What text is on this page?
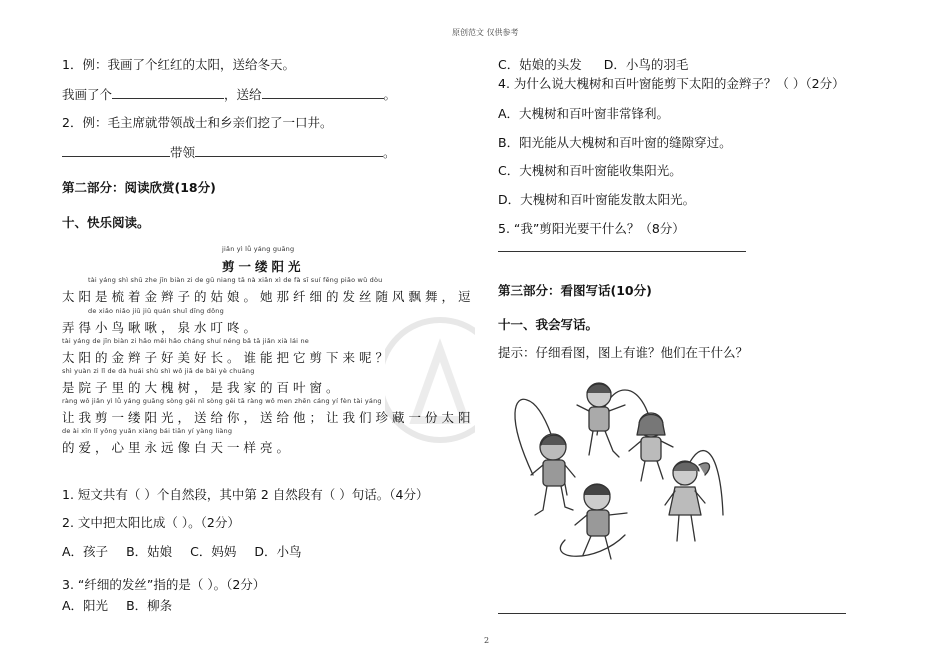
原创范文 仅供参考
1．例：我画了个红红的太阳，送给冬天。
我画了个	，送给	。
2．例：毛主席就带领战士和乡亲们挖了一口井。
带领	。
第二部分：阅读欣赏(18分)
十、快乐阅读。
jiǎn yì lǚ yáng guāng
剪一缕阳光
tài yáng shì shū zhe jīn biàn zi de gū niang tā nà xiān xì de fà sī suí fēng piāo wǔ dòu
太阳是梳着金辫子的姑娘。她那纤细的发丝随风飘舞，逗
de xiǎo niǎo jiū jiū quán shuǐ dīng dōng
弄得小鸟啾啾，泉水叮咚。
tài yáng de jīn biàn zi hǎo měi hǎo cháng shuí néng bǎ tā jiǎn xià lái ne
太阳的金辫子好美好长。谁能把它剪下来呢？
shì yuàn zi lǐ de dà huái shù shì wǒ jiā de bǎi yè chuāng
是院子里的大槐树，是我家的百叶窗。
ràng wǒ jiǎn yì lǚ yáng guāng sòng gěi nǐ sòng gěi tā ràng wǒ men zhēn cáng yí fèn tài yáng
让我剪一缕阳光，送给你，送给他；让我们珍藏一份太阳
de ài xīn lǐ yǒng yuǎn xiàng bái tiān yí yàng liàng
的爱，心里永远像白天一样亮。
1. 短文共有（ ）个自然段，其中第 2 自然段有（ ）句话。（4分）
2. 文中把太阳比成（ ）。（2分）
A．孩子 B．姑娘 C．妈妈 D．小鸟
3. “纤细的发丝”指的是（ ）。（2分）
A．阳光 B．柳条
C．姑娘的头发 D．小鸟的羽毛
4. 为什么说大槐树和百叶窗能剪下太阳的金辫子？（ ）（2分）
A．大槐树和百叶窗非常锋利。
B．阳光能从大槐树和百叶窗的缝隙穿过。
C．大槐树和百叶窗能收集阳光。
D．大槐树和百叶窗能发散太阳光。
5. “我”剪阳光要干什么？（8分）
第三部分：看图写话(10分)
十一、我会写话。
提示：仔细看图，图上有谁？他们在干什么？
2
